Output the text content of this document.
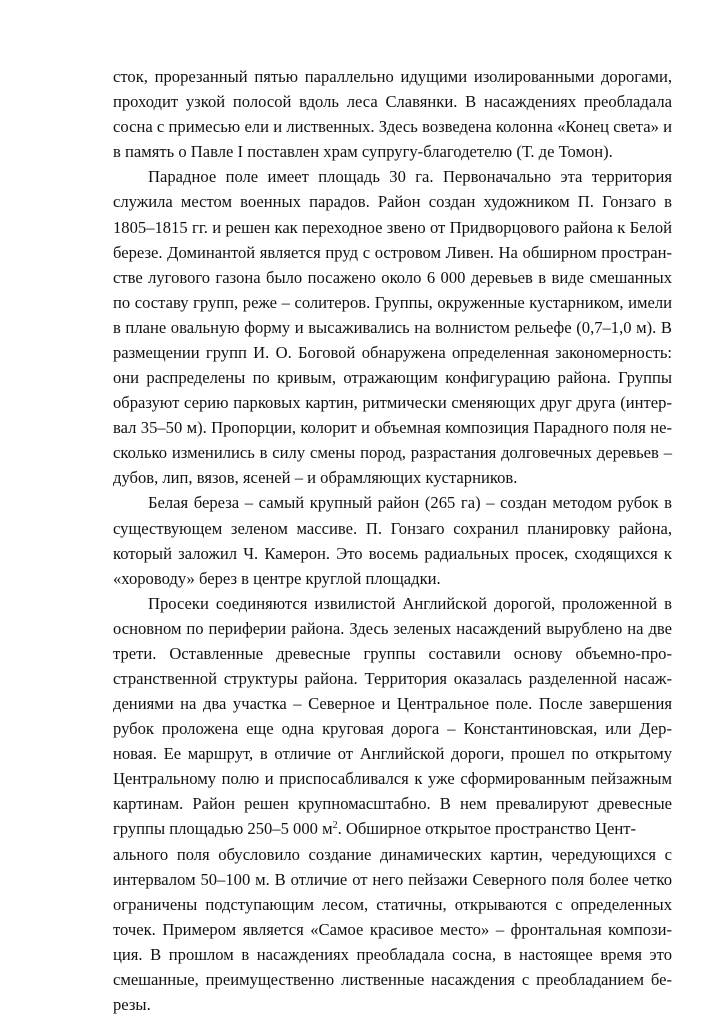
сток, прорезанный пятью параллельно идущими изолированными дорогами,
проходит узкой полосой вдоль леса Славянки. В насаждениях преобладала
сосна с примесью ели и лиственных. Здесь возведена колонна «Конец света» и
в память о Павле I поставлен храм супругу-благодетелю (Т. де Томон).
Парадное поле имеет площадь 30 га. Первоначально эта территория
служила местом военных парадов. Район создан художником П. Гонзаго в
1805–1815 гг. и решен как переходное звено от Придворцового района к Белой
березе. Доминантой является пруд с островом Ливен. На обширном простран-
стве лугового газона было посажено около 6 000 деревьев в виде смешанных
по составу групп, реже – солитеров. Группы, окруженные кустарником, имели
в плане овальную форму и высаживались на волнистом рельефе (0,7–1,0 м). В
размещении групп И. О. Боговой обнаружена определенная закономерность:
они распределены по кривым, отражающим конфигурацию района. Группы
образуют серию парковых картин, ритмически сменяющих друг друга (интер-
вал 35–50 м). Пропорции, колорит и объемная композиция Парадного поля не-
сколько изменились в силу смены пород, разрастания долговечных деревьев –
дубов, лип, вязов, ясеней – и обрамляющих кустарников.
Белая береза – самый крупный район (265 га) – создан методом рубок в
существующем зеленом массиве. П. Гонзаго сохранил планировку района,
который заложил Ч. Камерон. Это восемь радиальных просек, сходящихся к
«хороводу» берез в центре круглой площадки.
Просеки соединяются извилистой Английской дорогой, проложенной в
основном по периферии района. Здесь зеленых насаждений вырублено на две
трети. Оставленные древесные группы составили основу объемно-про-
странственной структуры района. Территория оказалась разделенной насаж-
дениями на два участка – Северное и Центральное поле. После завершения
рубок проложена еще одна круговая дорога – Константиновская, или Дер-
новая. Ее маршрут, в отличие от Английской дороги, прошел по открытому
Центральному полю и приспосабливался к уже сформированным пейзажным
картинам. Район решен крупномасштабно. В нем превалируют древесные
группы площадью 250–5 000 $м^2$. Обширное открытое пространство Цент-
ального поля обусловило создание динамических картин, чередующихся с
интервалом 50–100 м. В отличие от него пейзажи Северного поля более четко
ограничены подступающим лесом, статичны, открываются с определенных
точек. Примером является «Самое красивое место» – фронтальная компози-
ция. В прошлом в насаждениях преобладала сосна, в настоящее время это
смешанные, преимущественно лиственные насаждения с преобладанием бе-
резы.
